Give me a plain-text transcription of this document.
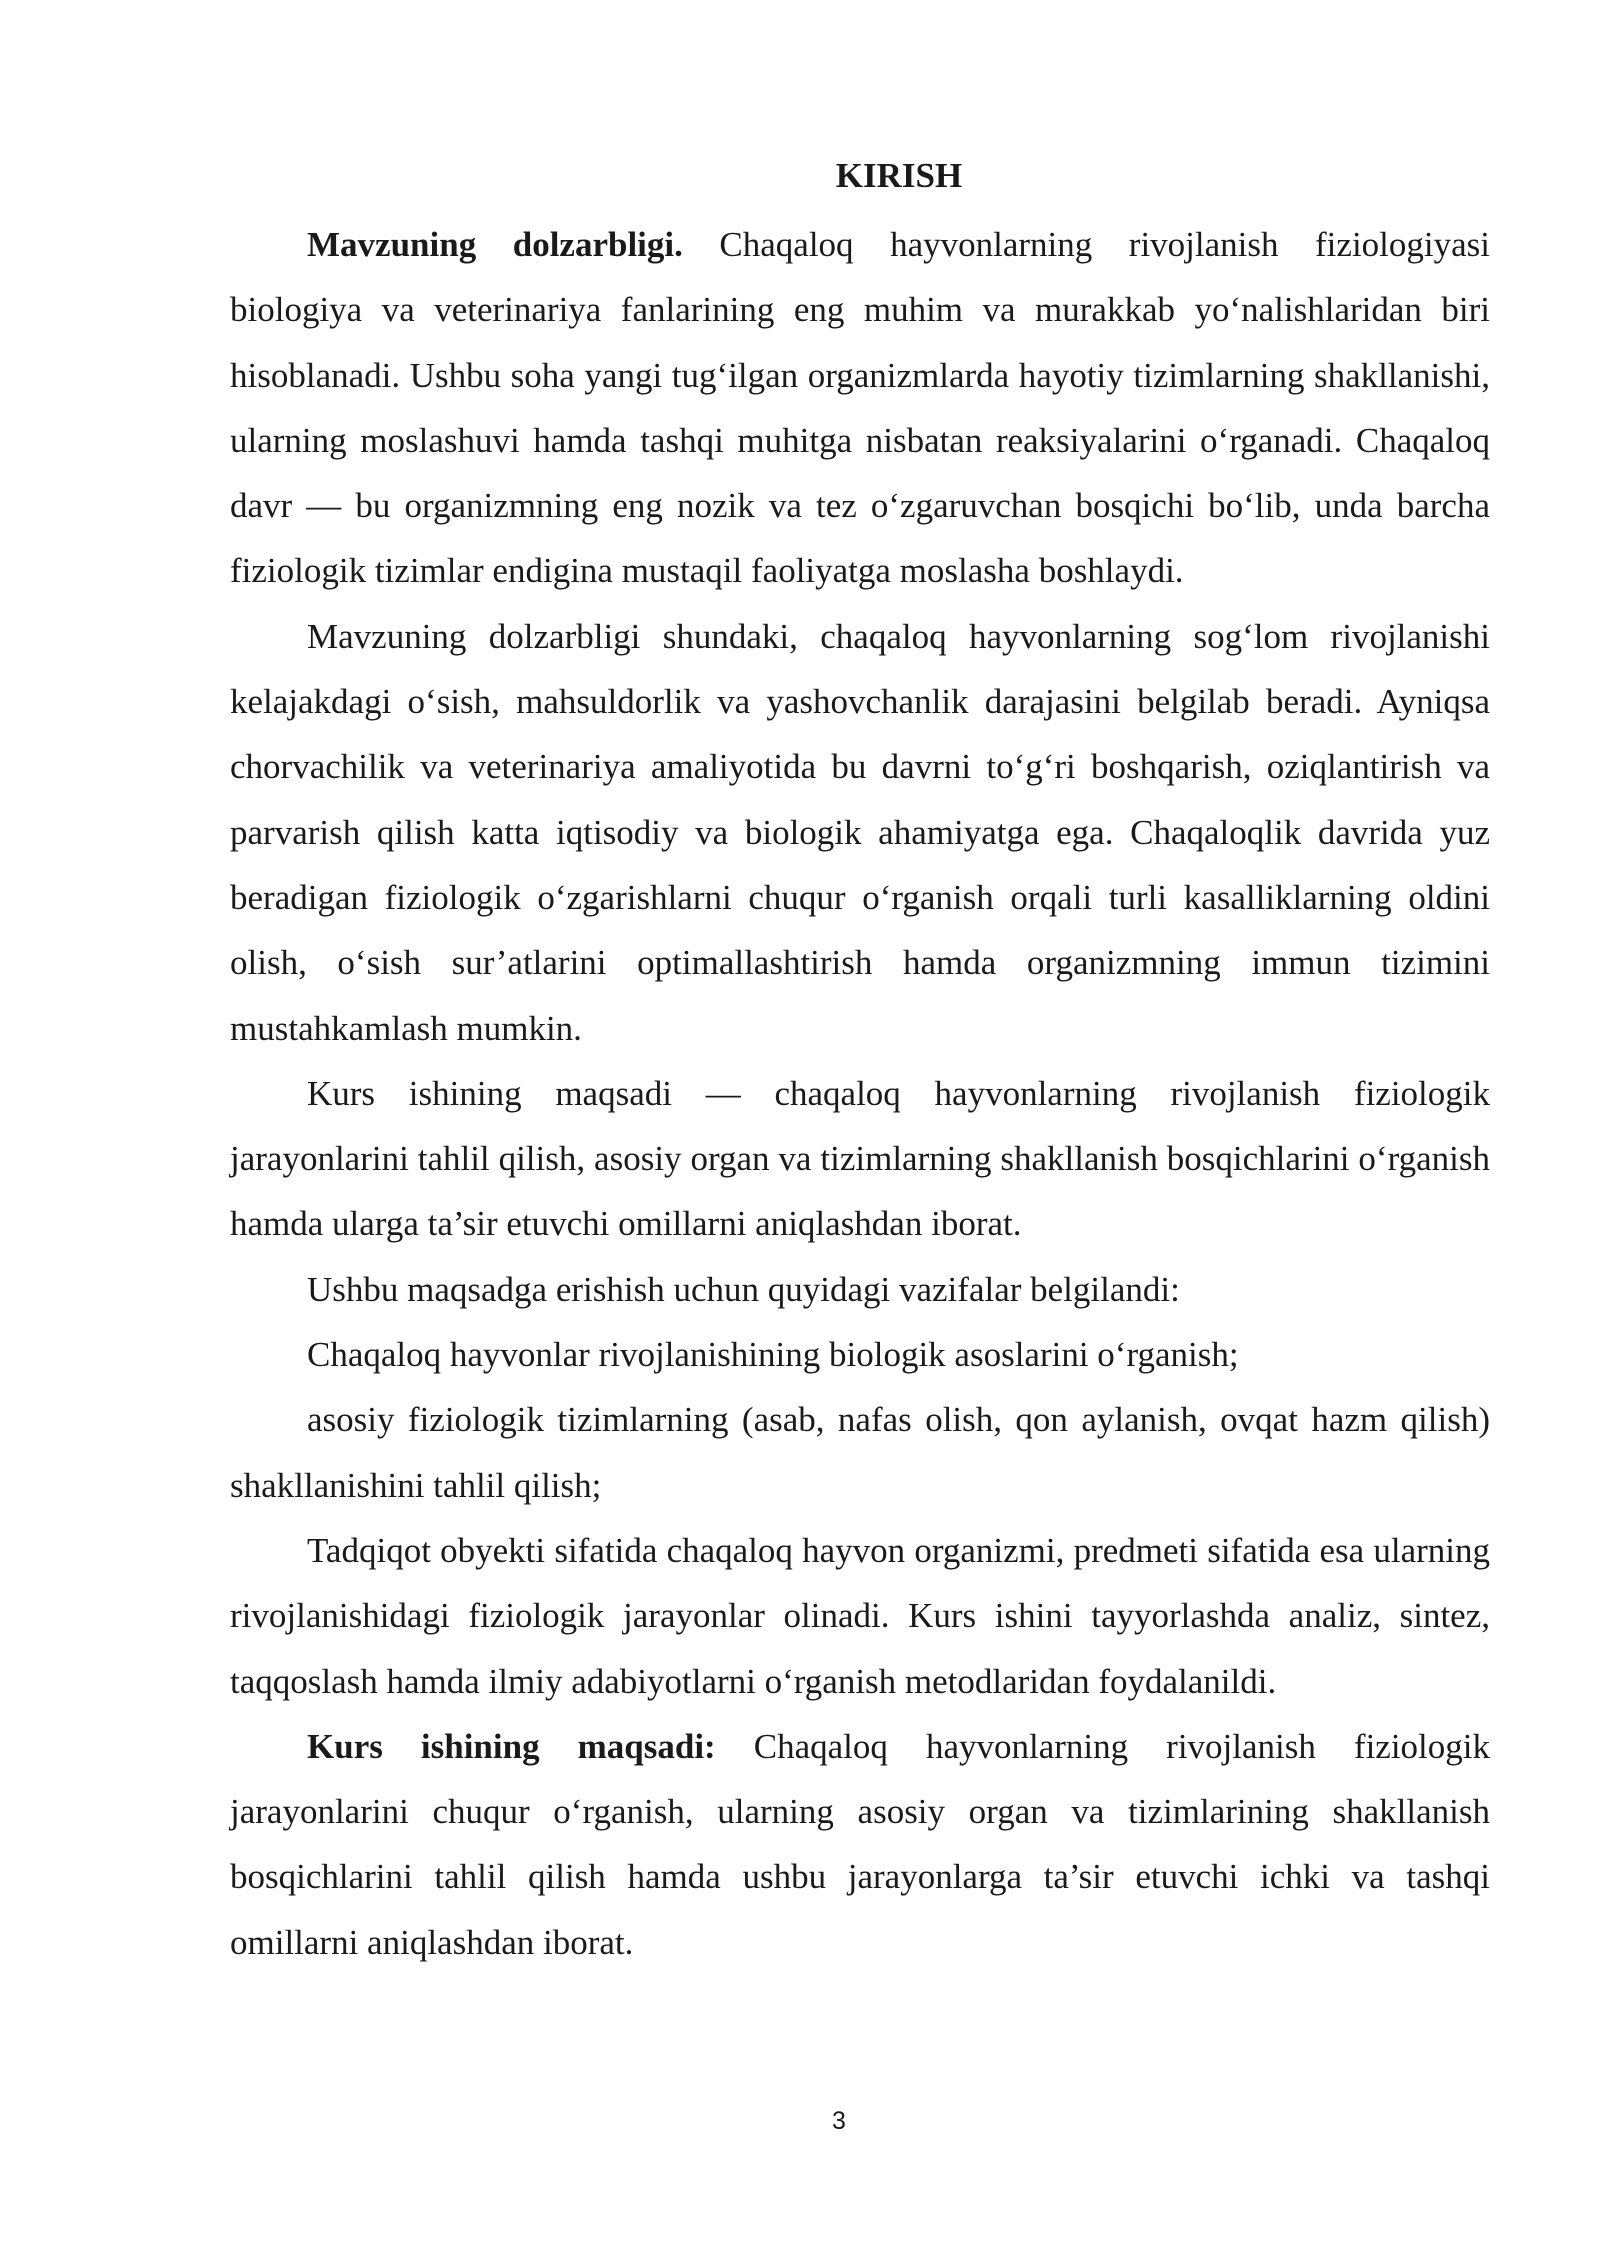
KIRISH

Mavzuning dolzarbligi. Chaqaloq hayvonlarning rivojlanish fiziologiyasi biologiya va veterinariya fanlarining eng muhim va murakkab yo‘nalishlaridan biri hisoblanadi. Ushbu soha yangi tug‘ilgan organizmlarda hayotiy tizimlarning shakllanishi, ularning moslashuvi hamda tashqi muhitga nisbatan reaksiyalarini o‘rganadi. Chaqaloq davr — bu organizmning eng nozik va tez o‘zgaruvchan bosqichi bo‘lib, unda barcha fiziologik tizimlar endigina mustaqil faoliyatga moslasha boshlaydi.

Mavzuning dolzarbligi shundaki, chaqaloq hayvonlarning sog‘lom rivojlanishi kelajakdagi o‘sish, mahsuldorlik va yashovchanlik darajasini belgilab beradi. Ayniqsa chorvachilik va veterinariya amaliyotida bu davrni to‘g‘ri boshqarish, oziqlantirish va parvarish qilish katta iqtisodiy va biologik ahamiyatga ega. Chaqaloqlik davrida yuz beradigan fiziologik o‘zgarishlarni chuqur o‘rganish orqali turli kasalliklarning oldini olish, o‘sish sur’atlarini optimallashtirish hamda organizmning immun tizimini mustahkamlash mumkin.

Kurs ishining maqsadi — chaqaloq hayvonlarning rivojlanish fiziologik jarayonlarini tahlil qilish, asosiy organ va tizimlarning shakllanish bosqichlarini o‘rganish hamda ularga ta’sir etuvchi omillarni aniqlashdan iborat.

Ushbu maqsadga erishish uchun quyidagi vazifalar belgilandi:

Chaqaloq hayvonlar rivojlanishining biologik asoslarini o‘rganish;

asosiy fiziologik tizimlarning (asab, nafas olish, qon aylanish, ovqat hazm qilish) shakllanishini tahlil qilish;

Tadqiqot obyekti sifatida chaqaloq hayvon organizmi, predmeti sifatida esa ularning rivojlanishidagi fiziologik jarayonlar olinadi. Kurs ishini tayyorlashda analiz, sintez, taqqoslash hamda ilmiy adabiyotlarni o‘rganish metodlaridan foydalanildi.

Kurs ishining maqsadi: Chaqaloq hayvonlarning rivojlanish fiziologik jarayonlarini chuqur o‘rganish, ularning asosiy organ va tizimlarining shakllanish bosqichlarini tahlil qilish hamda ushbu jarayonlarga ta’sir etuvchi ichki va tashqi omillarni aniqlashdan iborat.

3
